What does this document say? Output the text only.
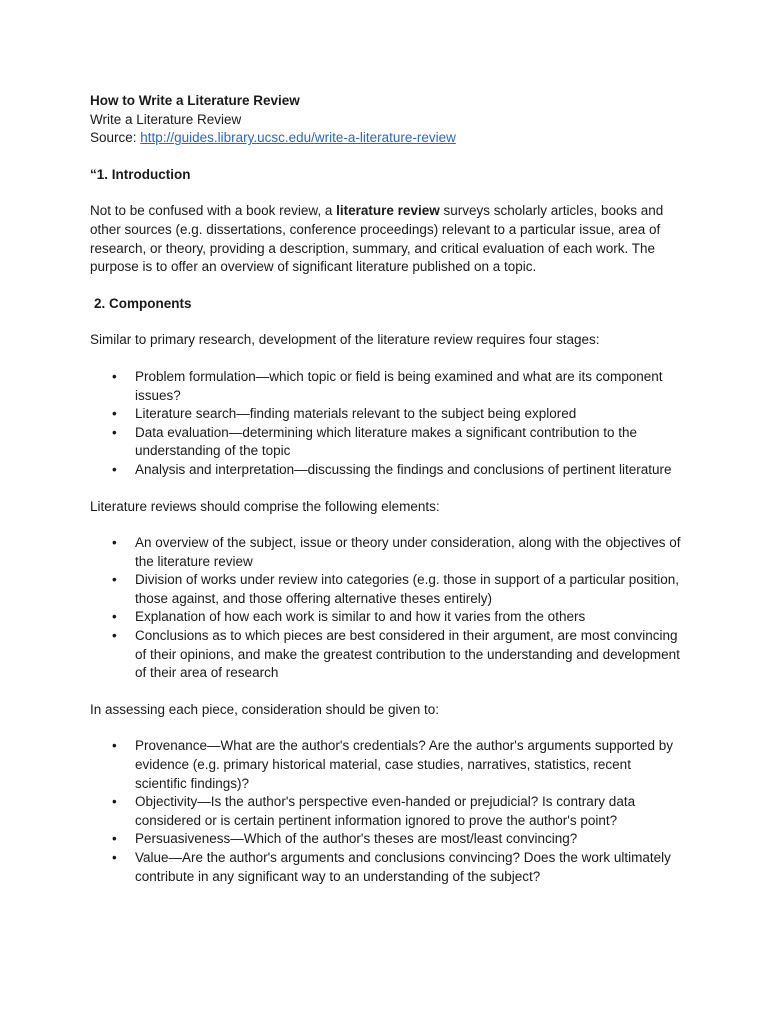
How to Write a Literature Review
Write a Literature Review
Source: http://guides.library.ucsc.edu/write-a-literature-review
“1. Introduction

Not to be confused with a book review, a literature review surveys scholarly articles, books and other sources (e.g. dissertations, conference proceedings) relevant to a particular issue, area of research, or theory, providing a description, summary, and critical evaluation of each work. The purpose is to offer an overview of significant literature published on a topic.

2. Components

Similar to primary research, development of the literature review requires four stages:

• Problem formulation—which topic or field is being examined and what are its component issues?
• Literature search—finding materials relevant to the subject being explored
• Data evaluation—determining which literature makes a significant contribution to the understanding of the topic
• Analysis and interpretation—discussing the findings and conclusions of pertinent literature

Literature reviews should comprise the following elements:

• An overview of the subject, issue or theory under consideration, along with the objectives of the literature review
• Division of works under review into categories (e.g. those in support of a particular position, those against, and those offering alternative theses entirely)
• Explanation of how each work is similar to and how it varies from the others
• Conclusions as to which pieces are best considered in their argument, are most convincing of their opinions, and make the greatest contribution to the understanding and development of their area of research

In assessing each piece, consideration should be given to:

• Provenance—What are the author's credentials? Are the author's arguments supported by evidence (e.g. primary historical material, case studies, narratives, statistics, recent scientific findings)?
• Objectivity—Is the author's perspective even-handed or prejudicial? Is contrary data considered or is certain pertinent information ignored to prove the author's point?
• Persuasiveness—Which of the author's theses are most/least convincing?
• Value—Are the author's arguments and conclusions convincing? Does the work ultimately contribute in any significant way to an understanding of the subject?
